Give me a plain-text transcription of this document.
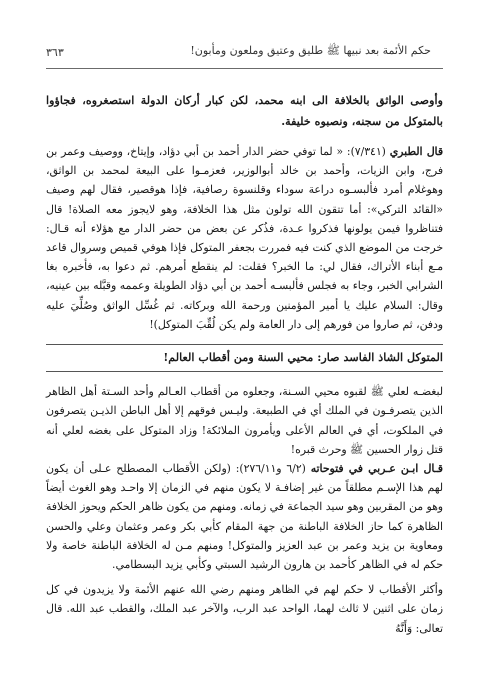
حكم الأئمة بعد نبيها ﷺ طليق وعتيق وملعون ومأبون!
٣٦٣

وأوصى الواثق بالخلافة الى ابنه محمد، لكن كبار أركان الدولة استصغروه، فجاؤوا بالمتوكل من سجنه، ونصبوه خليفة.

قال الطبري (٧/٣٤١): « لما توفي حضر الدار أحمد بن أبي دؤاد، وإيتاخ، ووصيف وعمر بن فرج، وابن الزيات، وأحمد بن خالد أبوالوزير، فعزمـوا على البيعة لمحمد بن الواثق، وهوغلام أمرد فألبسـوه دراعة سوداء وقلنسوة رصافية، فإذا هوقصير، فقال لهم وصيف «القائد التركي»: أما تتقون الله تولون مثل هذا الخلافة، وهو لايجوز معه الصلاة! قال فتناظروا فيمن يولونها فذكروا عـدة، فذُكر عن بعض من حضر الدار مع هؤلاء أنه قـال: خرجت من الموضع الذي كنت فيه فمررت بجعفر المتوكل فإذا هوفي قميص وسروال قاعد مـع أبناء الأتراك، فقال لي: ما الخبر؟ فقلت: لم ينقطع أمرهم. ثم دعوا به، فأخبره بغا الشرابي الخبر، وجاء به فجلس فألبسـه أحمد بن أبي دؤاد الطويلة وعممه وقبَّله بين عينيه، وقال: السلام عليك يا أمير المؤمنين ورحمة الله وبركاته. ثم غُسِّل الواثق وصُلِّيَ عليه ودفن، ثم صاروا من فورهم إلى دار العامة ولم يكن لُقِّبَ المتوكل)!

المتوكل الشاذ الفاسد صار: محيي السنة ومن أقطاب العالم!

لبغضـه لعلي ﷺ لقبوه محيي السـنة، وجعلوه من أقطاب العـالم وأحد السـتة أهل الظاهر الذين يتصرفـون في الملك أي في الطبيعة. وليـس فوقهم إلا أهل الباطن الذيـن يتصرفون في الملكوت، أي في العالم الأعلى ويأمرون الملائكة! وزاد المتوكل على بغضه لعلي أنه قتل زوار الحسين ﷺ وحرث قبره!

قـال ابـن عـربي في فتوحاته (٦/٢ و٢٧٦/١١): (ولكن الأقطاب المصطلح عـلى أن يكون لهم هذا الإسـم مطلقاً من غير إضافـة لا يكون منهم في الزمان إلا واحـد وهو الغوث أيضاً وهو من المقربين وهو سيد الجماعة في زمانه. ومنهم من يكون ظاهر الحكم ويحوز الخلافة الظاهرة كما حاز الخلافة الباطنة من جهة المقام كأبي بكر وعمر وعثمان وعلي والحسن ومعاوية بن يزيد وعمر بن عبد العزيز والمتوكل! ومنهم مـن له الخلافة الباطنة خاصة ولا حكم له في الظاهر كأحمد بن هارون الرشيد السبتي وكأبي يزيد البسطامي.

وأكثر الأقطاب لا حكم لهم في الظاهر ومنهم رضي الله عنهم الأئمة ولا يزيدون في كل زمان على اثنين لا ثالث لهما، الواحد عبد الرب، والآخر عبد الملك، والقطب عبد الله. قال تعالى: وَأَنَّهُ
